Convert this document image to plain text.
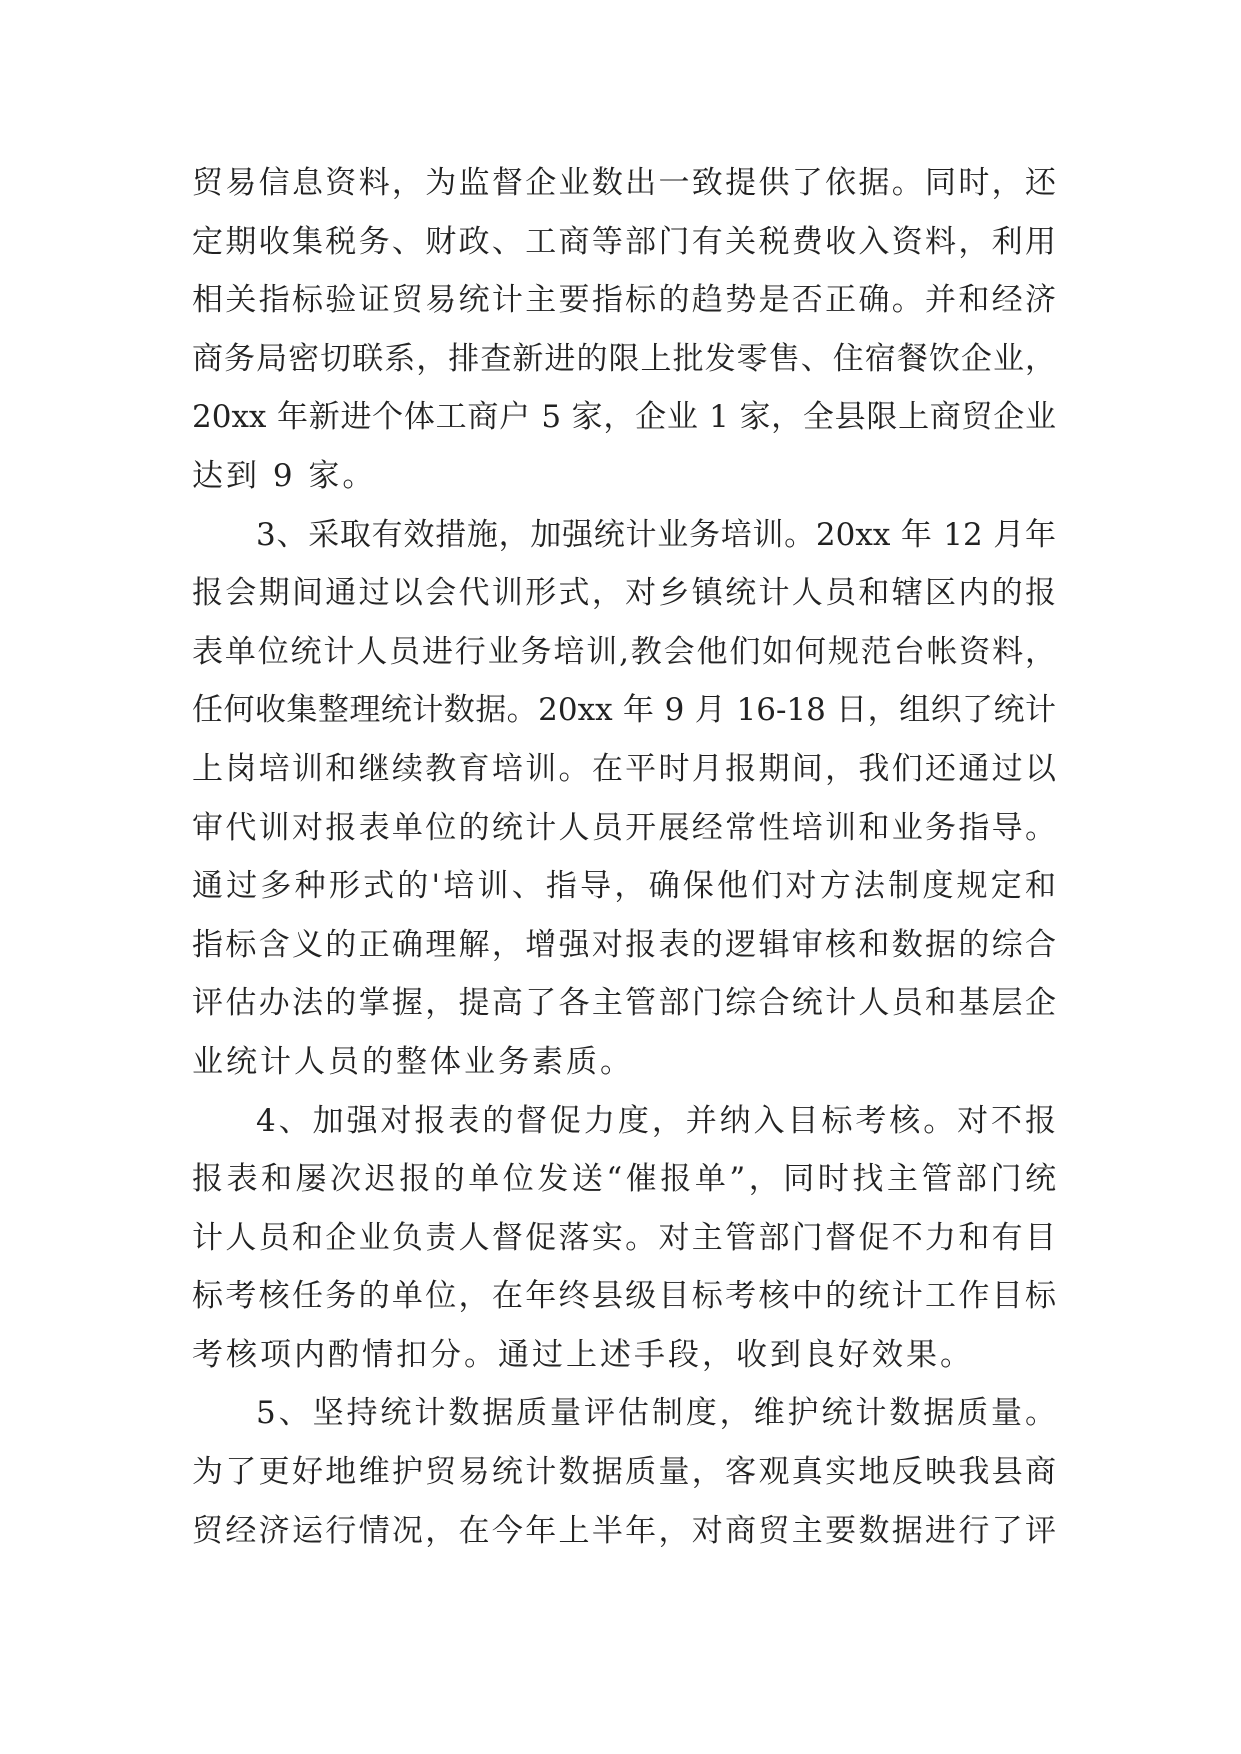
贸易信息资料，为监督企业数出一致提供了依据。同时，还
定期收集税务、财政、工商等部门有关税费收入资料，利用
相关指标验证贸易统计主要指标的趋势是否正确。并和经济
商务局密切联系，排查新进的限上批发零售、住宿餐饮企业，
20xx 年新进个体工商户 5 家，企业 1 家，全县限上商贸企业
达到 9 家。
3、采取有效措施，加强统计业务培训。20xx 年 12 月年
报会期间通过以会代训形式，对乡镇统计人员和辖区内的报
表单位统计人员进行业务培训,教会他们如何规范台帐资料，
任何收集整理统计数据。20xx 年 9 月 16-18 日，组织了统计
上岗培训和继续教育培训。在平时月报期间，我们还通过以
审代训对报表单位的统计人员开展经常性培训和业务指导。
通过多种形式的'培训、指导，确保他们对方法制度规定和
指标含义的正确理解，增强对报表的逻辑审核和数据的综合
评估办法的掌握，提高了各主管部门综合统计人员和基层企
业统计人员的整体业务素质。
4、加强对报表的督促力度，并纳入目标考核。对不报
报表和屡次迟报的单位发送“催报单”，同时找主管部门统
计人员和企业负责人督促落实。对主管部门督促不力和有目
标考核任务的单位，在年终县级目标考核中的统计工作目标
考核项内酌情扣分。通过上述手段，收到良好效果。
5、坚持统计数据质量评估制度，维护统计数据质量。
为了更好地维护贸易统计数据质量，客观真实地反映我县商
贸经济运行情况，在今年上半年，对商贸主要数据进行了评
